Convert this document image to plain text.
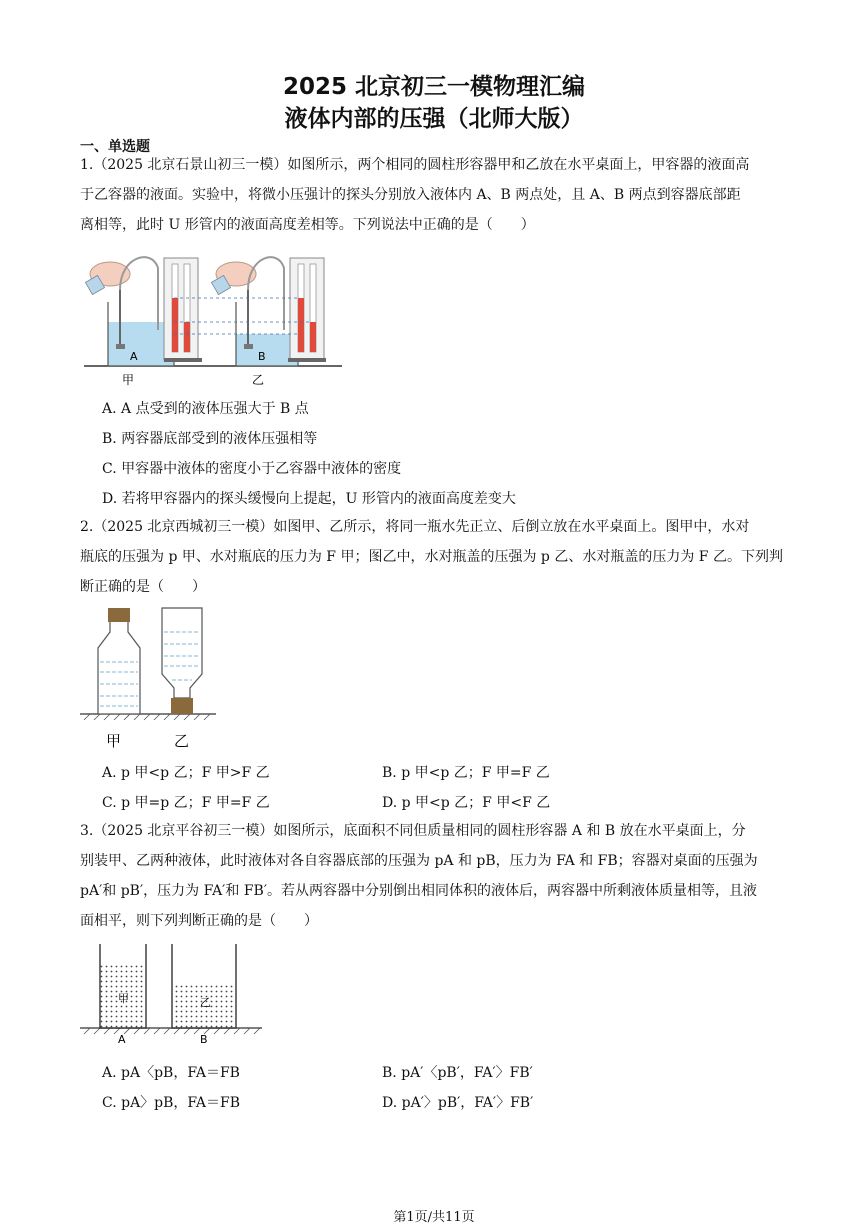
2025 北京初三一模物理汇编
液体内部的压强（北师大版）
一、单选题
1.（2025 北京石景山初三一模）如图所示，两个相同的圆柱形容器甲和乙放在水平桌面上，甲容器的液面高
于乙容器的液面。实验中，将微小压强计的探头分别放入液体内 A、B 两点处，且 A、B 两点到容器底部距
离相等，此时 U 形管内的液面高度差相等。下列说法中正确的是（　　）
A	B
甲	乙
A. A 点受到的液体压强大于 B 点
B. 两容器底部受到的液体压强相等
C. 甲容器中液体的密度小于乙容器中液体的密度
D. 若将甲容器内的探头缓慢向上提起，U 形管内的液面高度差变大
2.（2025 北京西城初三一模）如图甲、乙所示，将同一瓶水先正立、后倒立放在水平桌面上。图甲中，水对
瓶底的压强为 p 甲、水对瓶底的压力为 F 甲；图乙中，水对瓶盖的压强为 p 乙、水对瓶盖的压力为 F 乙。下列判
断正确的是（　　）
甲	乙
A. p 甲<p 乙；F 甲>F 乙	B. p 甲<p 乙；F 甲=F 乙
C. p 甲=p 乙；F 甲=F 乙	D. p 甲<p 乙；F 甲<F 乙
3.（2025 北京平谷初三一模）如图所示，底面积不同但质量相同的圆柱形容器 A 和 B 放在水平桌面上，分
别装甲、乙两种液体，此时液体对各自容器底部的压强为 pA 和 pB，压力为 FA 和 FB；容器对桌面的压强为
pA′和 pB′，压力为 FA′和 FB′。若从两容器中分别倒出相同体积的液体后，两容器中所剩液体质量相等，且液
面相平，则下列判断正确的是（　　）
甲	乙
A	B
A. pA〈pB，FA＝FB	B. pA′〈pB′，FA′〉FB′
C. pA〉pB，FA＝FB	D. pA′〉pB′，FA′〉FB′
第1页/共11页
